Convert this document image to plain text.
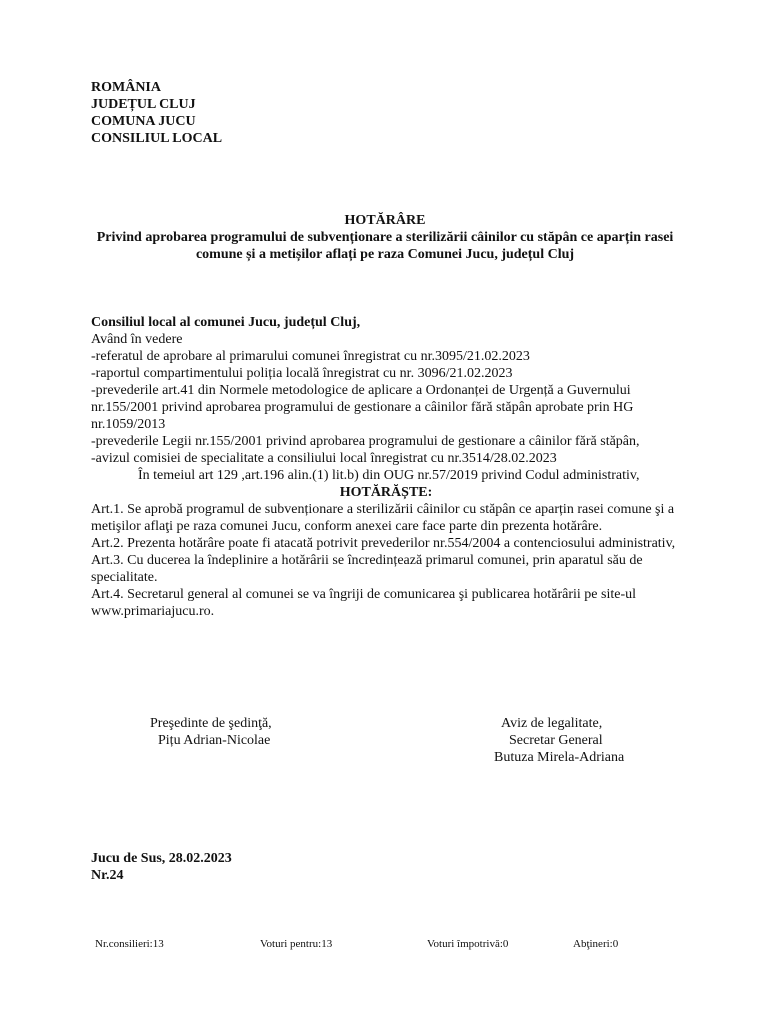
ROMÂNIA
JUDEȚUL CLUJ
COMUNA JUCU
CONSILIUL LOCAL
HOTĂRÂRE
Privind aprobarea programului de subvenționare a sterilizării câinilor cu stăpân ce aparțin rasei comune și a metișilor aflați pe raza Comunei Jucu, județul Cluj

Consiliul local al comunei Jucu, județul Cluj,

Având în vedere

-referatul de aprobare al primarului comunei înregistrat cu nr.3095/21.02.2023

-raportul compartimentului poliția locală înregistrat cu nr. 3096/21.02.2023

-prevederile art.41 din Normele metodologice de aplicare a Ordonanței de Urgență a Guvernului nr.155/2001 privind aprobarea programului de gestionare a câinilor fără stăpân aprobate prin HG nr.1059/2013

-prevederile Legii nr.155/2001 privind aprobarea programului de gestionare a câinilor fără stăpân,

-avizul comisiei de specialitate a consiliului local înregistrat cu nr.3514/28.02.2023

În temeiul art 129 ,art.196 alin.(1) lit.b) din OUG nr.57/2019 privind Codul administrativ,

HOTĂRĂȘTE:

Art.1. Se aprobă programul de subvenționare a sterilizării câinilor cu stăpân ce aparțin rasei comune şi a metişilor aflaţi pe raza comunei Jucu, conform anexei care face parte din prezenta hotărâre.

Art.2. Prezenta hotărâre poate fi atacată potrivit prevederilor nr.554/2004 a contenciosului administrativ,

Art.3. Cu ducerea la îndeplinire a hotărârii se încredințează primarul comunei, prin aparatul său de specialitate.

Art.4. Secretarul general al comunei se va îngriji de comunicarea şi publicarea hotărârii pe site-ul www.primariajucu.ro.

Preşedinte de şedinţă,
Pițu Adrian-Nicolae
Aviz de legalitate,
Secretar General
Butuza Mirela-Adriana
Jucu de Sus, 28.02.2023
Nr.24
Nr.consilieri:13	Voturi pentru:13	Voturi împotrivă:0	Abţineri:0
